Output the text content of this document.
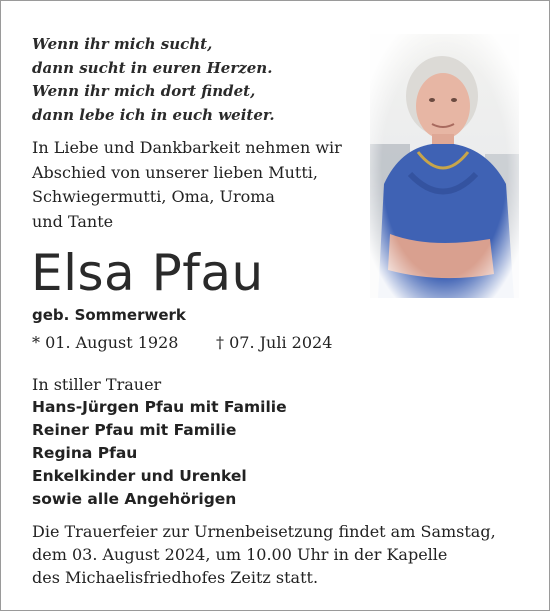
Wenn ihr mich sucht,
dann sucht in euren Herzen.
Wenn ihr mich dort findet,
dann lebe ich in euch weiter.
In Liebe und Dankbarkeit nehmen wir
Abschied von unserer lieben Mutti,
Schwiegermutti, Oma, Uroma
und Tante
Elsa Pfau
geb. Sommerwerk
* 01. August 1928 † 07. Juli 2024
In stiller Trauer
Hans-Jürgen Pfau mit Familie
Reiner Pfau mit Familie
Regina Pfau
Enkelkinder und Urenkel
sowie alle Angehörigen
Die Trauerfeier zur Urnenbeisetzung findet am Samstag,
dem 03. August 2024, um 10.00 Uhr in der Kapelle
des Michaelisfriedhofes Zeitz statt.
